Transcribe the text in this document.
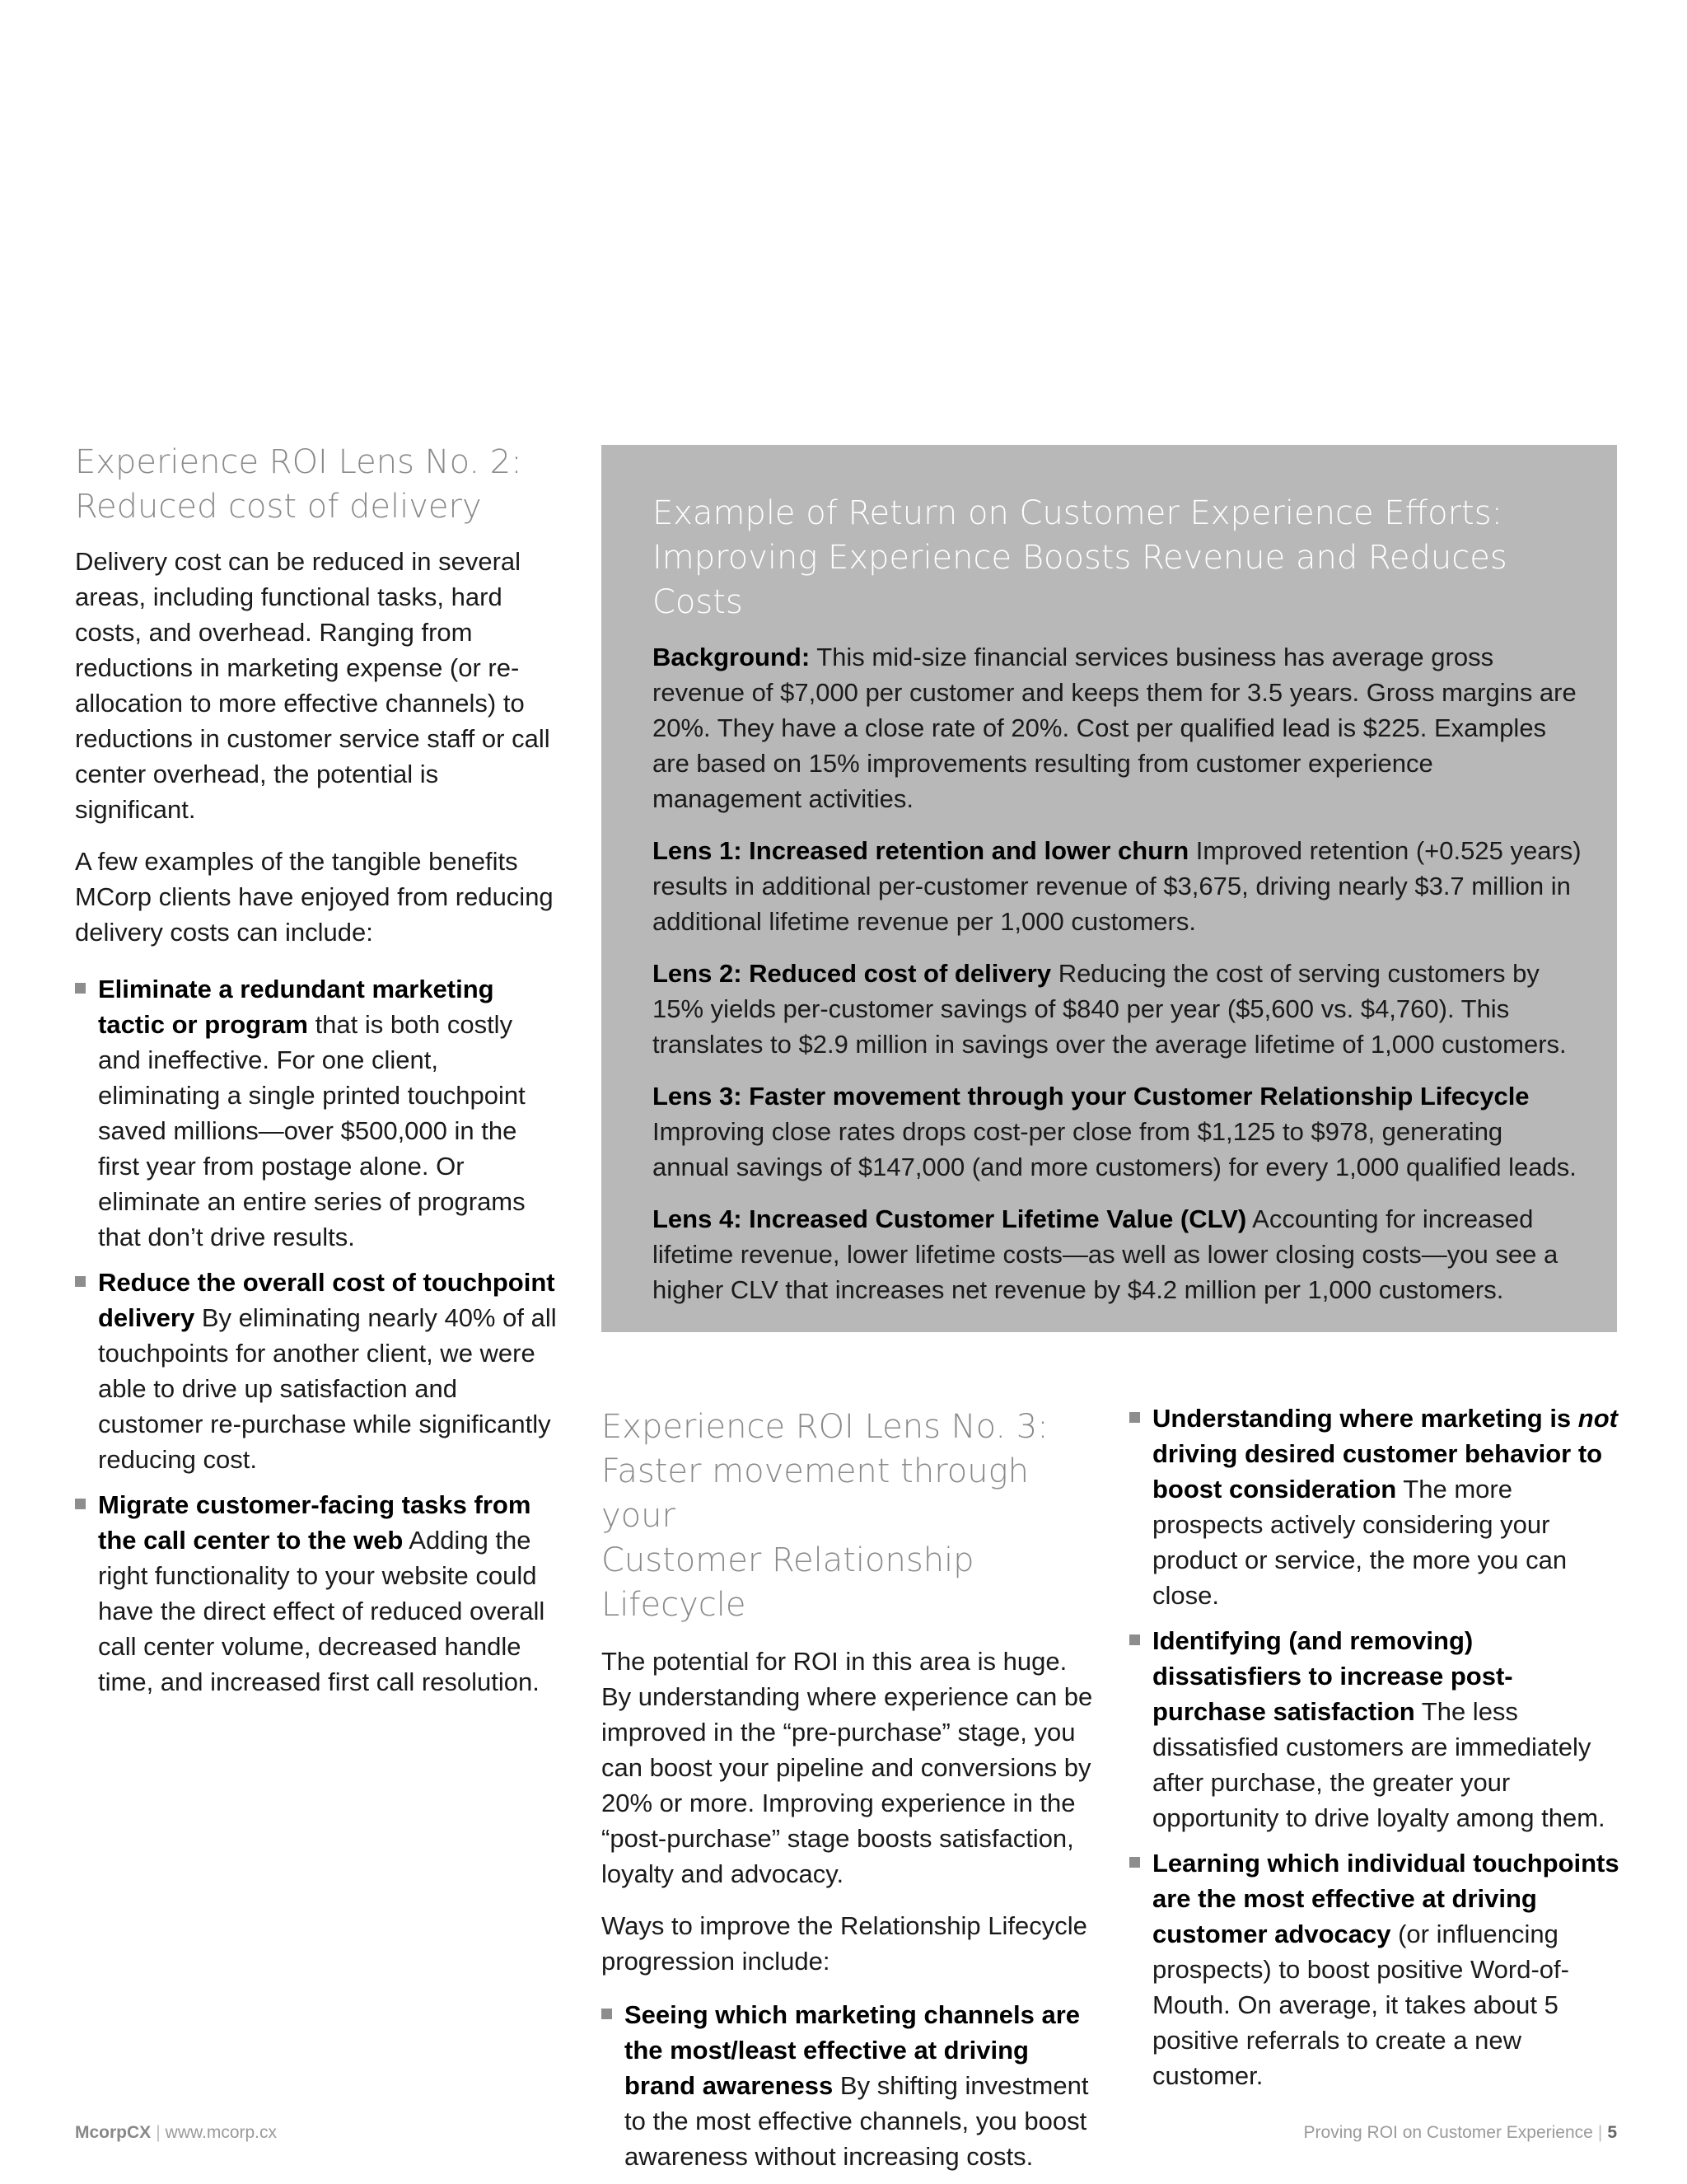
Experience ROI Lens No. 2:
Reduced cost of delivery

Delivery cost can be reduced in several areas, including functional tasks, hard costs, and overhead. Ranging from reductions in marketing expense (or re-allocation to more effective channels) to reductions in customer service staff or call center overhead, the potential is significant.

A few examples of the tangible benefits MCorp clients have enjoyed from reducing delivery costs can include:

Eliminate a redundant marketing tactic or program that is both costly and ineffective. For one client, eliminating a single printed touchpoint saved millions—over $500,000 in the first year from postage alone. Or eliminate an entire series of programs that don’t drive results.
Reduce the overall cost of touchpoint delivery By eliminating nearly 40% of all touchpoints for another client, we were able to drive up satisfaction and customer re-purchase while significantly reducing cost.
Migrate customer-facing tasks from the call center to the web Adding the right functionality to your website could have the direct effect of reduced overall call center volume, decreased handle time, and increased first call resolution.
Example of Return on Customer Experience Efforts:
Improving Experience Boosts Revenue and Reduces Costs

Background: This mid-size financial services business has average gross revenue of $7,000 per customer and keeps them for 3.5 years. Gross margins are 20%. They have a close rate of 20%. Cost per qualified lead is $225. Examples are based on 15% improvements resulting from customer experience management activities.

Lens 1: Increased retention and lower churn Improved retention (+0.525 years) results in additional per-customer revenue of $3,675, driving nearly $3.7 million in additional lifetime revenue per 1,000 customers.

Lens 2: Reduced cost of delivery Reducing the cost of serving customers by 15% yields per-customer savings of $840 per year ($5,600 vs. $4,760). This translates to $2.9 million in savings over the average lifetime of 1,000 customers.

Lens 3: Faster movement through your Customer Relationship Lifecycle Improving close rates drops cost-per close from $1,125 to $978, generating annual savings of $147,000 (and more customers) for every 1,000 qualified leads.

Lens 4: Increased Customer Lifetime Value (CLV) Accounting for increased lifetime revenue, lower lifetime costs—as well as lower closing costs—you see a higher CLV that increases net revenue by $4.2 million per 1,000 customers.

Experience ROI Lens No. 3:
Faster movement through your
Customer Relationship Lifecycle

The potential for ROI in this area is huge. By understanding where experience can be improved in the “pre-purchase” stage, you can boost your pipeline and conversions by 20% or more. Improving experience in the “post-purchase” stage boosts satisfaction, loyalty and advocacy.

Ways to improve the Relationship Lifecycle progression include:

Seeing which marketing channels are the most/least effective at driving brand awareness By shifting investment to the most effective channels, you boost awareness without increasing costs.
Understanding where marketing is not driving desired customer behavior to boost consideration The more prospects actively considering your product or service, the more you can close.
Identifying (and removing) dissatisfiers to increase post-purchase satisfaction The less dissatisfied customers are immediately after purchase, the greater your opportunity to drive loyalty among them.
Learning which individual touchpoints are the most effective at driving customer advocacy (or influencing prospects) to boost positive Word-of-Mouth. On average, it takes about 5 positive referrals to create a new customer.
McorpCX | www.mcorp.cx	Proving ROI on Customer Experience | 5
